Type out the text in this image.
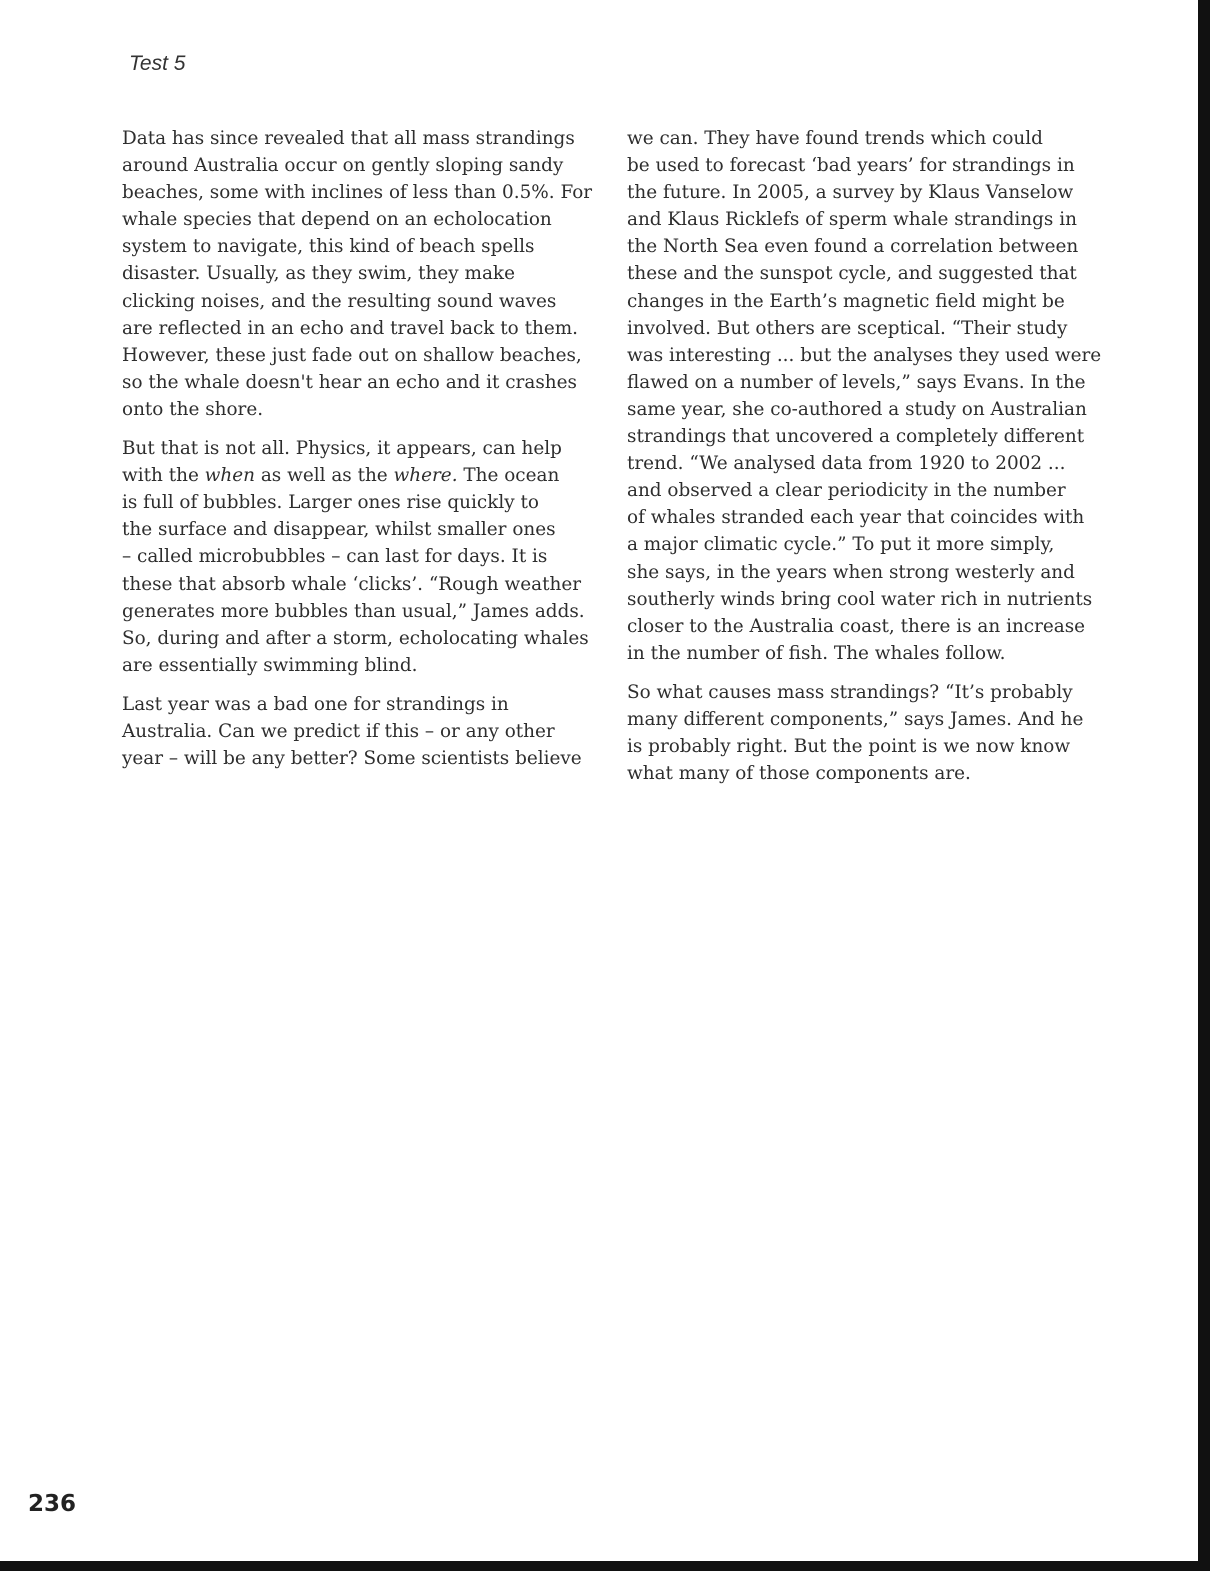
Test 5

Data has since revealed that all mass strandings
around Australia occur on gently sloping sandy
beaches, some with inclines of less than 0.5%. For
whale species that depend on an echolocation
system to navigate, this kind of beach spells
disaster. Usually, as they swim, they make
clicking noises, and the resulting sound waves
are reflected in an echo and travel back to them.
However, these just fade out on shallow beaches,
so the whale doesn't hear an echo and it crashes
onto the shore.

But that is not all. Physics, it appears, can help
with the when as well as the where. The ocean
is full of bubbles. Larger ones rise quickly to
the surface and disappear, whilst smaller ones
– called microbubbles – can last for days. It is
these that absorb whale ‘clicks’. “Rough weather
generates more bubbles than usual,” James adds.
So, during and after a storm, echolocating whales
are essentially swimming blind.

Last year was a bad one for strandings in
Australia. Can we predict if this – or any other
year – will be any better? Some scientists believe

we can. They have found trends which could
be used to forecast ‘bad years’ for strandings in
the future. In 2005, a survey by Klaus Vanselow
and Klaus Ricklefs of sperm whale strandings in
the North Sea even found a correlation between
these and the sunspot cycle, and suggested that
changes in the Earth’s magnetic field might be
involved. But others are sceptical. “Their study
was interesting ... but the analyses they used were
flawed on a number of levels,” says Evans. In the
same year, she co-authored a study on Australian
strandings that uncovered a completely different
trend. “We analysed data from 1920 to 2002 ...
and observed a clear periodicity in the number
of whales stranded each year that coincides with
a major climatic cycle.” To put it more simply,
she says, in the years when strong westerly and
southerly winds bring cool water rich in nutrients
closer to the Australia coast, there is an increase
in the number of fish. The whales follow.

So what causes mass strandings? “It’s probably
many different components,” says James. And he
is probably right. But the point is we now know
what many of those components are.

236
